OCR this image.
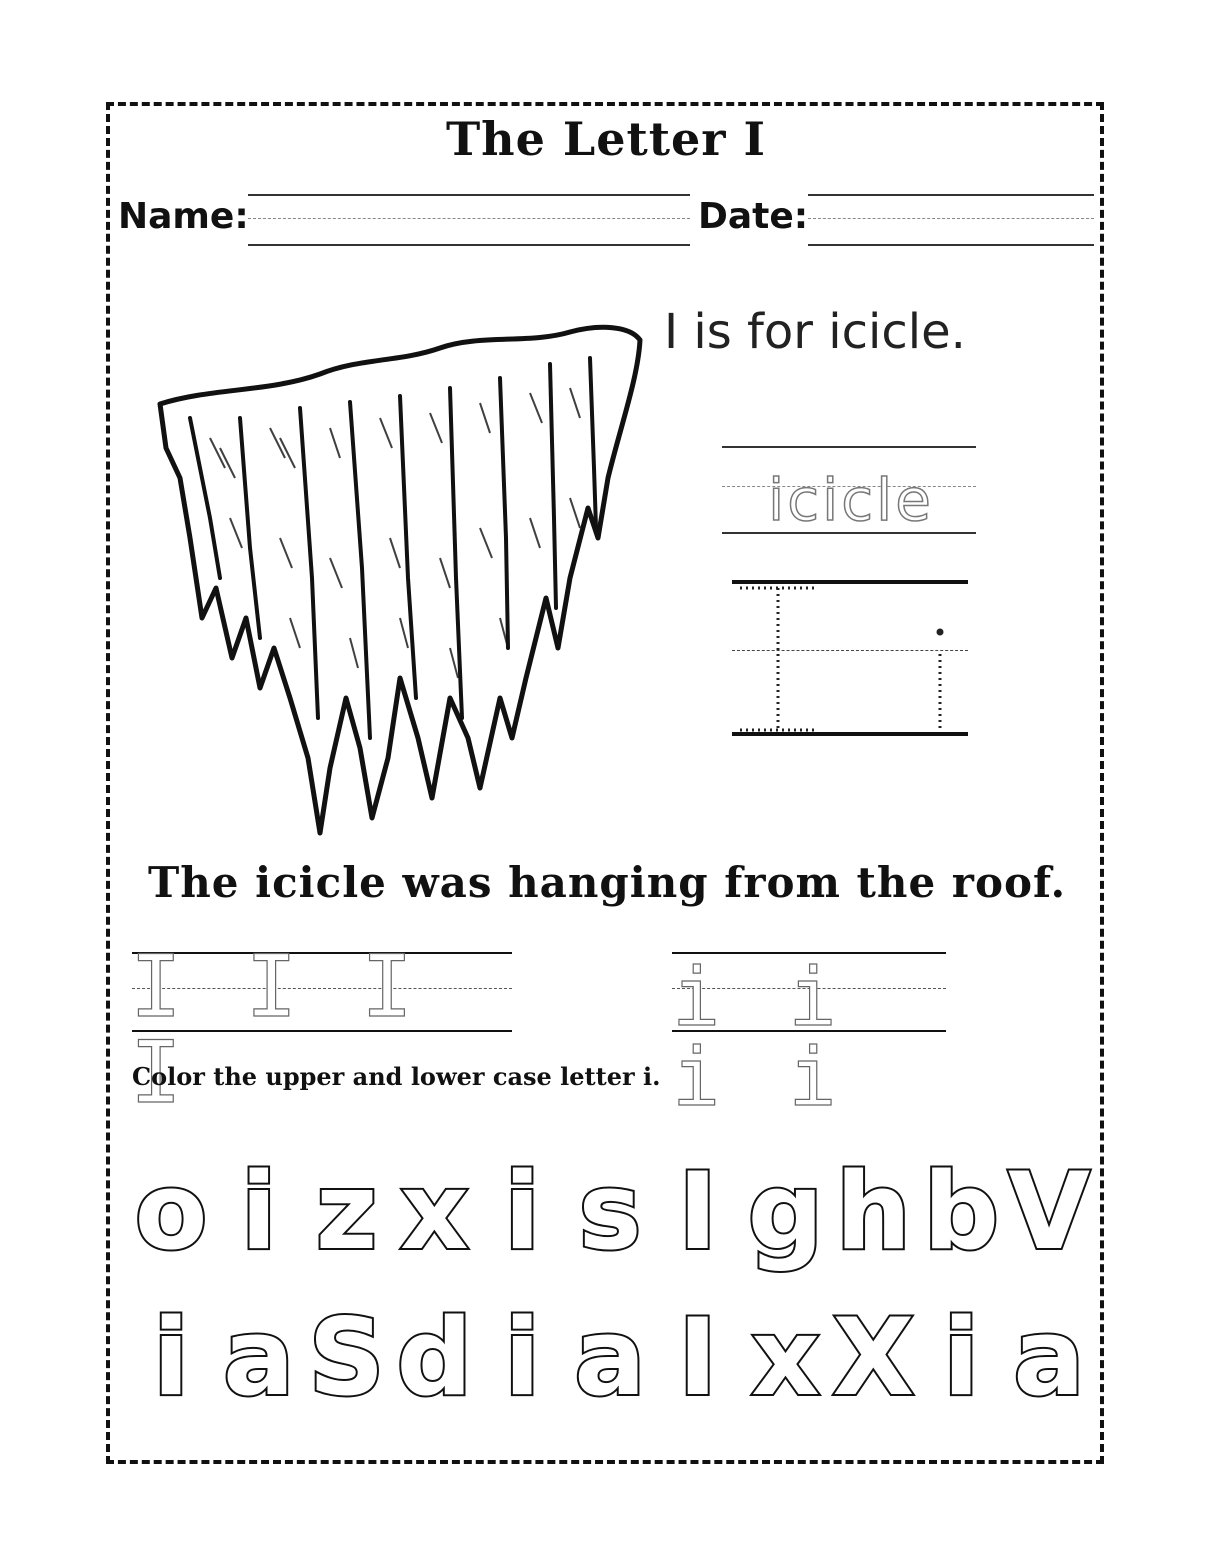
The Letter I
Name:	Date:
I is for icicle.
icicle
The icicle was hanging from the roof.
I I I I
i i i i
Color the upper and lower case letter i.
o i z x i s I g h b V
i a S d i a I x X i a
